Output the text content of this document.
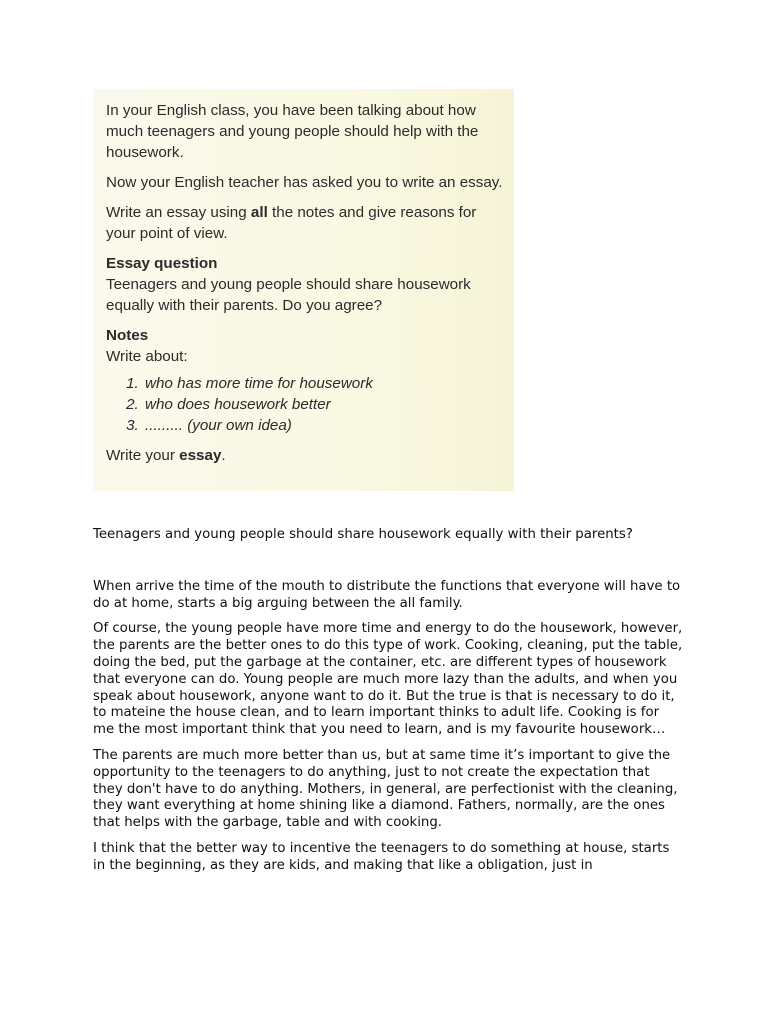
In your English class, you have been talking about how much teenagers and young people should help with the housework.

Now your English teacher has asked you to write an essay.

Write an essay using all the notes and give reasons for your point of view.

Essay question

Teenagers and young people should share housework equally with their parents. Do you agree?

Notes

Write about:

1. who has more time for housework
2. who does housework better
3. ......... (your own idea)

Write your essay.

Teenagers and young people should share housework equally with their parents?

When arrive the time of the mouth to distribute the functions that everyone will have to do at home, starts a big arguing between the all family.

Of course, the young people have more time and energy to do the housework, however, the parents are the better ones to do this type of work. Cooking, cleaning, put the table, doing the bed, put the garbage at the container, etc. are different types of housework that everyone can do. Young people are much more lazy than the adults, and when you speak about housework, anyone want to do it. But the true is that is necessary to do it, to mateine the house clean, and to learn important thinks to adult life. Cooking is for me the most important think that you need to learn, and is my favourite housework…

The parents are much more better than us, but at same time it’s important to give the opportunity to the teenagers to do anything, just to not create the expectation that they don't have to do anything. Mothers, in general, are perfectionist with the cleaning, they want everything at home shining like a diamond. Fathers, normally, are the ones that helps with the garbage, table and with cooking.

I think that the better way to incentive the teenagers to do something at house, starts in the beginning, as they are kids, and making that like a obligation, just in
